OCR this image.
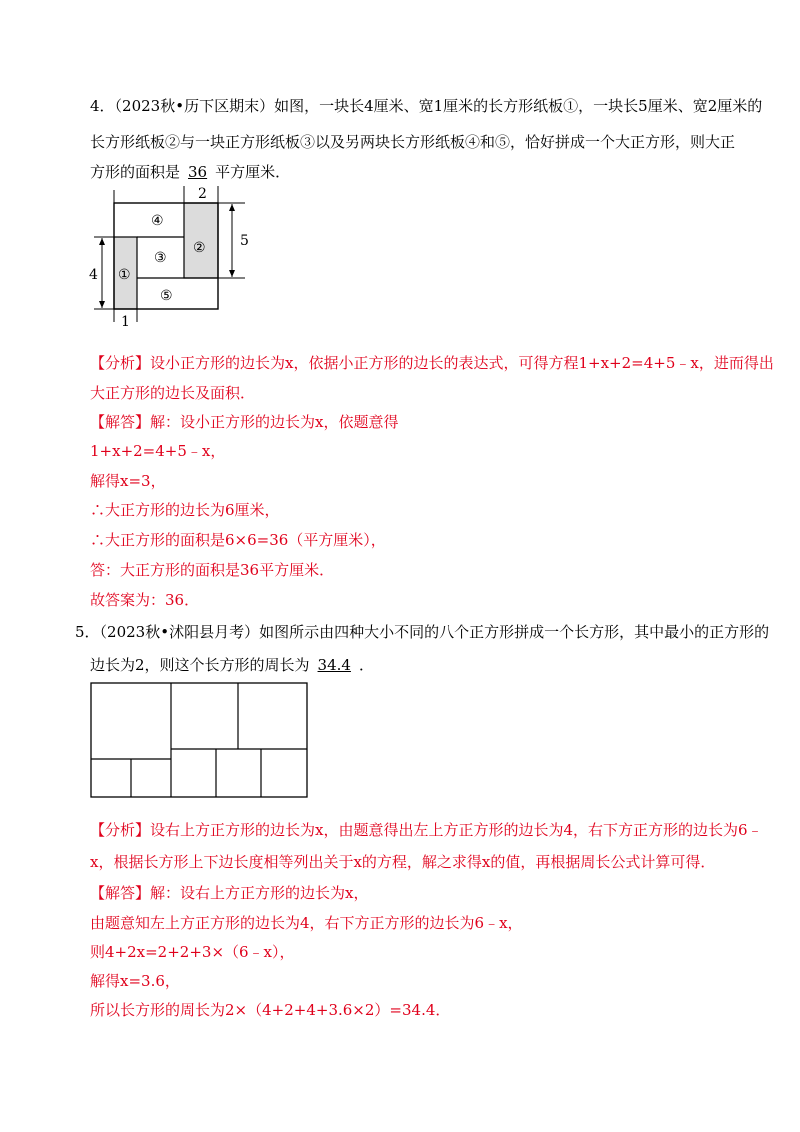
4．（2023秋•历下区期末）如图，一块长4厘米、宽1厘米的长方形纸板①，一块长5厘米、宽2厘米的
长方形纸板②与一块正方形纸板③以及另两块长方形纸板④和⑤，恰好拼成一个大正方形，则大正
方形的面积是 36 平方厘米．
2
5
4
1
①
②
③
④
⑤
【分析】设小正方形的边长为x，依据小正方形的边长的表达式，可得方程1+x+2=4+5﹣x，进而得出
大正方形的边长及面积．
【解答】解：设小正方形的边长为x，依题意得
1+x+2=4+5﹣x，
解得x=3，
∴大正方形的边长为6厘米，
∴大正方形的面积是6×6=36（平方厘米），
答：大正方形的面积是36平方厘米．
故答案为：36．
5．（2023秋•沭阳县月考）如图所示由四种大小不同的八个正方形拼成一个长方形，其中最小的正方形的
边长为2，则这个长方形的周长为 34.4 ．
【分析】设右上方正方形的边长为x，由题意得出左上方正方形的边长为4，右下方正方形的边长为6﹣
x，根据长方形上下边长度相等列出关于x的方程，解之求得x的值，再根据周长公式计算可得．
【解答】解：设右上方正方形的边长为x，
由题意知左上方正方形的边长为4，右下方正方形的边长为6﹣x，
则4+2x=2+2+3×（6﹣x），
解得x=3.6，
所以长方形的周长为2×（4+2+4+3.6×2）=34.4．
